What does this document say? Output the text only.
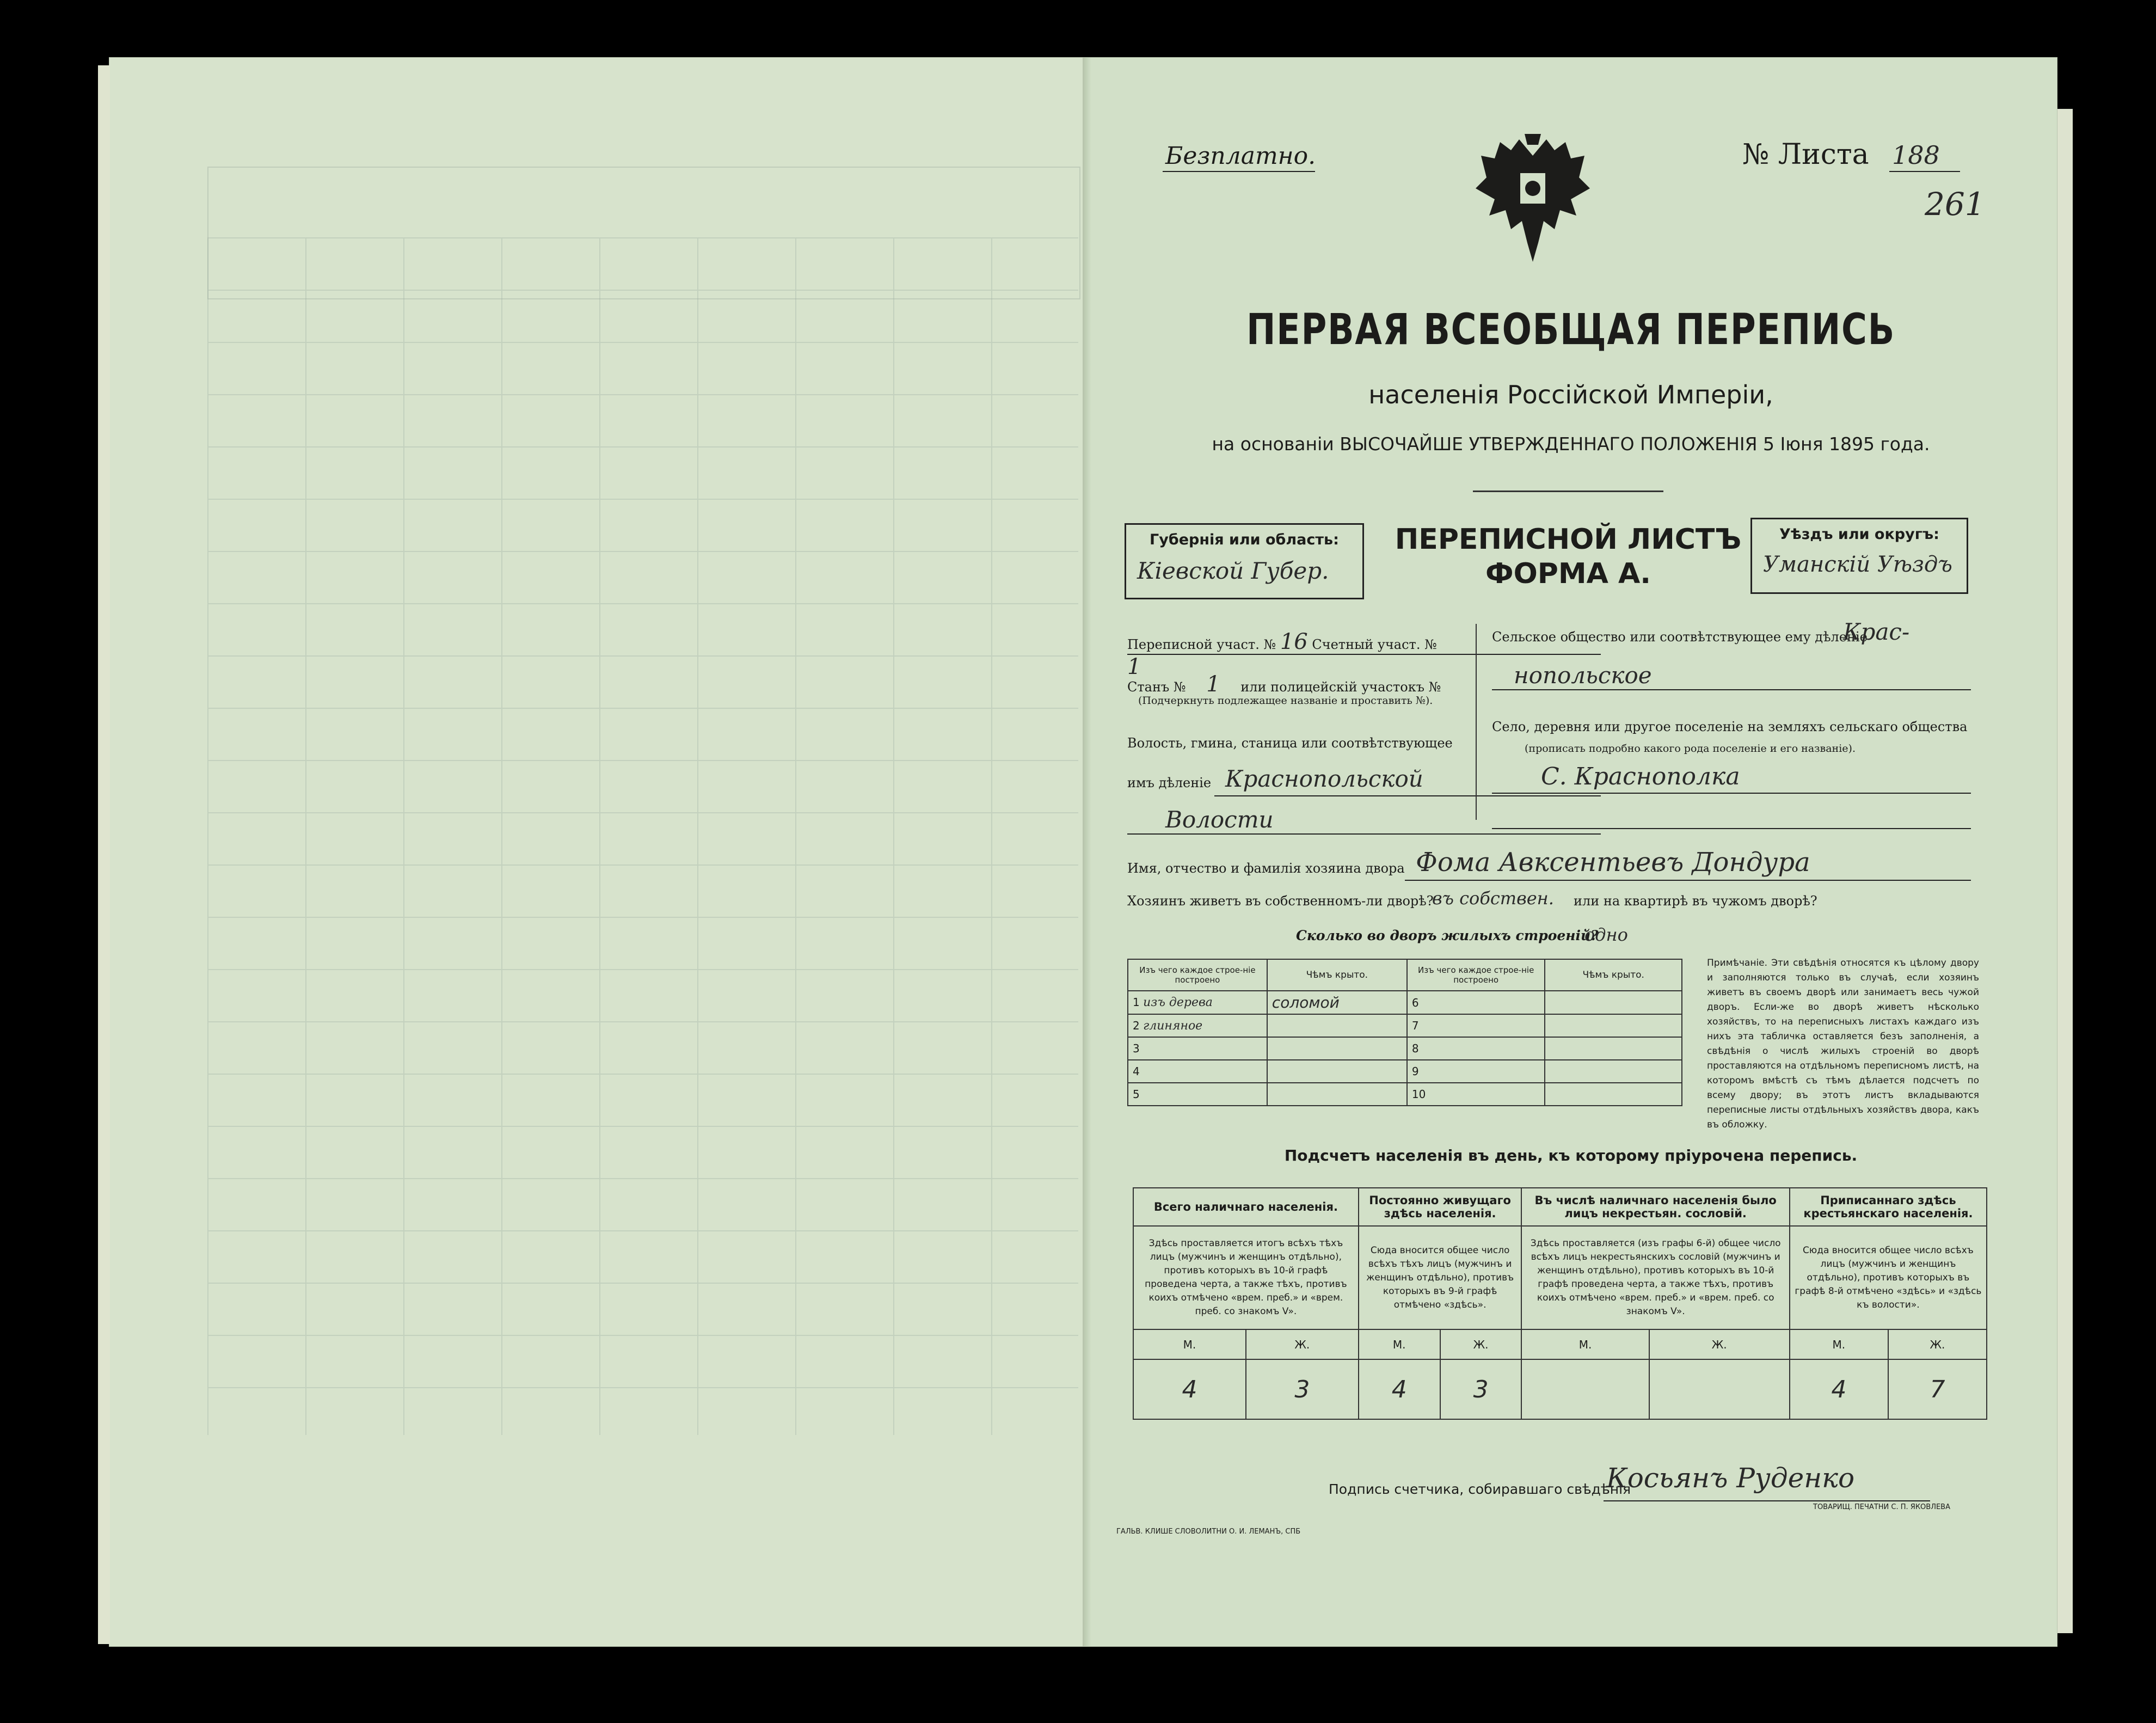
Безплатно.	№ Листа 188
261
ПЕРВАЯ ВСЕОБЩАЯ ПЕРЕПИСЬ
населенія Россійской Имперіи,
на основаніи ВЫСОЧАЙШЕ УТВЕРЖДЕННАГО ПОЛОЖЕНІЯ 5 Іюня 1895 года.
Губернія или область:
Кіевской Губер.
ПЕРЕПИСНОЙ ЛИСТЪ
ФОРМА А.
Уѣздъ или округъ:
Уманскій Уѣздъ
Переписной участ. № 16 Счетный участ. № 1
Станъ № 1 или полицейскій участокъ №
(Подчеркнуть подлежащее названіе и проставить №).
Волость, гмина, станица или соотвѣтствующее
имъ дѣленіе Краснопольской
Волости
Сельское общество или соотвѣтствующее ему дѣленіе
Крас-
нопольское
Село, деревня или другое поселеніе на земляхъ сельскаго общества
(прописать подробно какого рода поселеніе и его названіе).
С. Краснополка
Имя, отчество и фамилія хозяина двора Фома Авксентьевъ Дондура
Хозяинъ живетъ въ собственномъ-ли дворѣ?
въ собствен. или на квартирѣ въ чужомъ дворѣ?
Сколько во дворъ жилыхъ строеній?
одно
Изъ чего каждое строе-ніе построено	Чѣмъ крыто.	Изъ чего каждое строе-ніе построено	Чѣмъ крыто.
1 изъ дерева	соломой	6	
2 глиняное		7	
3		8	
4		9	
5		10	
Примѣчаніе. Эти свѣдѣнія относятся къ цѣлому двору и заполняются только въ случаѣ, если хозяинъ живетъ въ своемъ дворѣ или занимаетъ весь чужой дворъ. Если-же во дворѣ живетъ нѣсколько хозяйствъ, то на переписныхъ листахъ каждаго изъ нихъ эта табличка оставляется безъ заполненія, а свѣдѣнія о числѣ жилыхъ строеній во дворѣ проставляются на отдѣльномъ переписномъ листѣ, на которомъ вмѣстѣ съ тѣмъ дѣлается подсчетъ по всему двору; въ этотъ листъ вкладываются переписные листы отдѣльныхъ хозяйствъ двора, какъ въ обложку.
Подсчетъ населенія въ день, къ которому пріурочена перепись.
Всего наличнаго населенія.		Постоянно живущаго здѣсь населенія.		Въ числѣ наличнаго населенія было лицъ некрестьян. сословій.		Приписаннаго здѣсь крестьянскаго населенія.	
Здѣсь проставляется итогъ всѣхъ тѣхъ лицъ (мужчинъ и женщинъ отдѣльно), противъ которыхъ въ 10-й графѣ проведена черта, а также тѣхъ, противъ коихъ отмѣчено «врем. преб.» и «врем. преб. со знакомъ V».		Сюда вносится общее число всѣхъ тѣхъ лицъ (мужчинъ и женщинъ отдѣльно), противъ которыхъ въ 9-й графѣ отмѣчено «здѣсь».		Здѣсь проставляется (изъ графы 6-й) общее число всѣхъ лицъ некрестьянскихъ сословій (мужчинъ и женщинъ отдѣльно), противъ которыхъ въ 10-й графѣ проведена черта, а также тѣхъ, противъ коихъ отмѣчено «врем. преб.» и «врем. преб. со знакомъ V».		Сюда вносится общее число всѣхъ лицъ (мужчинъ и женщинъ отдѣльно), противъ которыхъ въ графѣ 8-й отмѣчено «здѣсь» и «здѣсь къ волости».	
М.	Ж.	М.	Ж.	М.	Ж.	М.	Ж.
4	3	4	3			4	7
Подпись счетчика, собиравшаго свѣдѣнія
Косьянъ Руденко
ГАЛЬВ. КЛИШЕ СЛОВОЛИТНИ О. И. ЛЕМАНЪ, СПБ
ТОВАРИЩ. ПЕЧАТНИ С. П. ЯКОВЛЕВА
